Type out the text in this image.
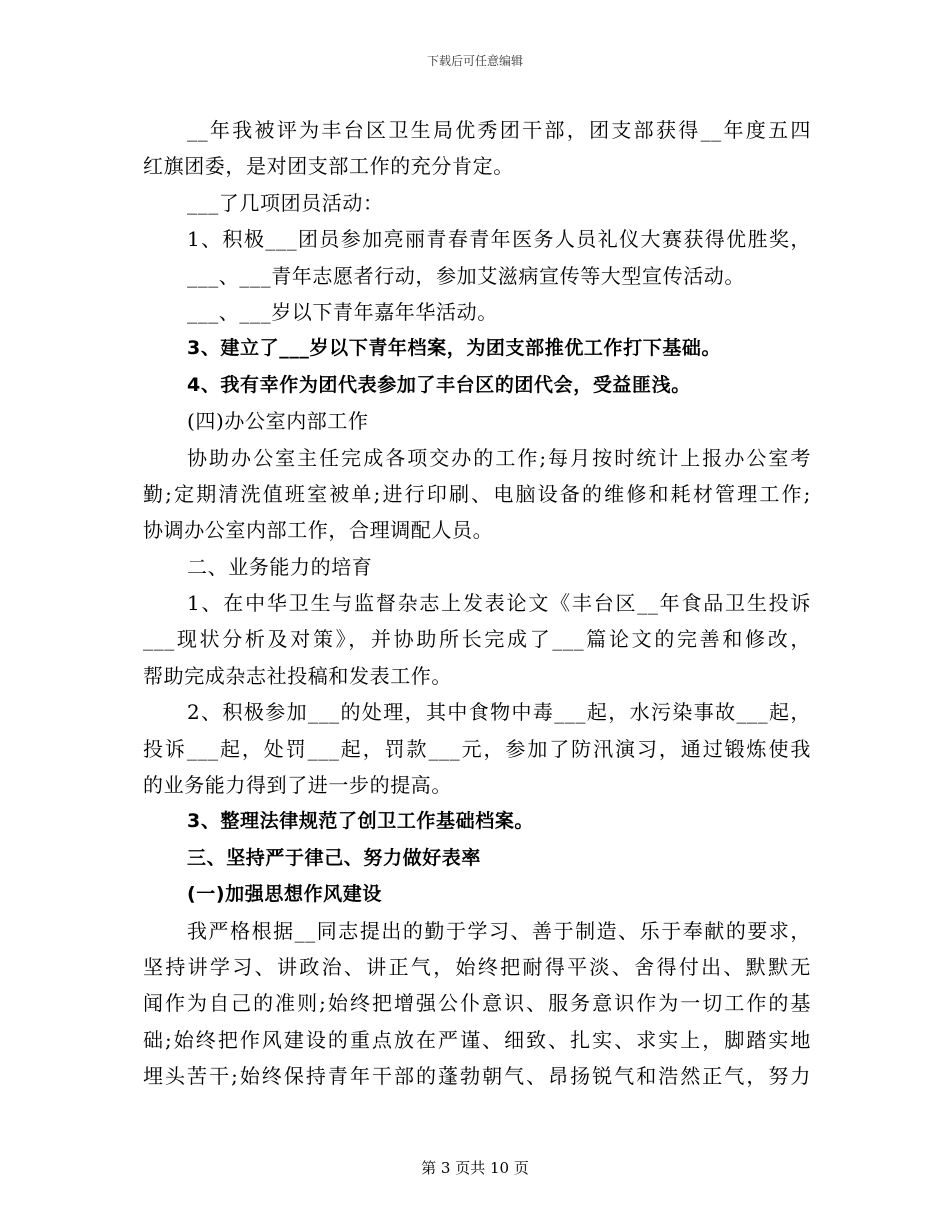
下载后可任意编辑
__年我被评为丰台区卫生局优秀团干部，团支部获得__年度五四
红旗团委，是对团支部工作的充分肯定。
___了几项团员活动：
1、积极___团员参加亮丽青春青年医务人员礼仪大赛获得优胜奖，
___、___青年志愿者行动，参加艾滋病宣传等大型宣传活动。
___、___岁以下青年嘉年华活动。
3、建立了___岁以下青年档案，为团支部推优工作打下基础。
4、我有幸作为团代表参加了丰台区的团代会，受益匪浅。
(四)办公室内部工作
协助办公室主任完成各项交办的工作;每月按时统计上报办公室考
勤;定期清洗值班室被单;进行印刷、电脑设备的维修和耗材管理工作;
协调办公室内部工作，合理调配人员。
二、业务能力的培育
1、在中华卫生与监督杂志上发表论文《丰台区__年食品卫生投诉
___现状分析及对策》，并协助所长完成了___篇论文的完善和修改，
帮助完成杂志社投稿和发表工作。
2、积极参加___的处理，其中食物中毒___起，水污染事故___起，
投诉___起，处罚___起，罚款___元，参加了防汛演习，通过锻炼使我
的业务能力得到了进一步的提高。
3、整理法律规范了创卫工作基础档案。
三、坚持严于律己、努力做好表率
(一)加强思想作风建设
我严格根据__同志提出的勤于学习、善于制造、乐于奉献的要求，
坚持讲学习、讲政治、讲正气，始终把耐得平淡、舍得付出、默默无
闻作为自己的准则;始终把增强公仆意识、服务意识作为一切工作的基
础;始终把作风建设的重点放在严谨、细致、扎实、求实上，脚踏实地
埋头苦干;始终保持青年干部的蓬勃朝气、昂扬锐气和浩然正气，努力
第 3 页共 10 页
